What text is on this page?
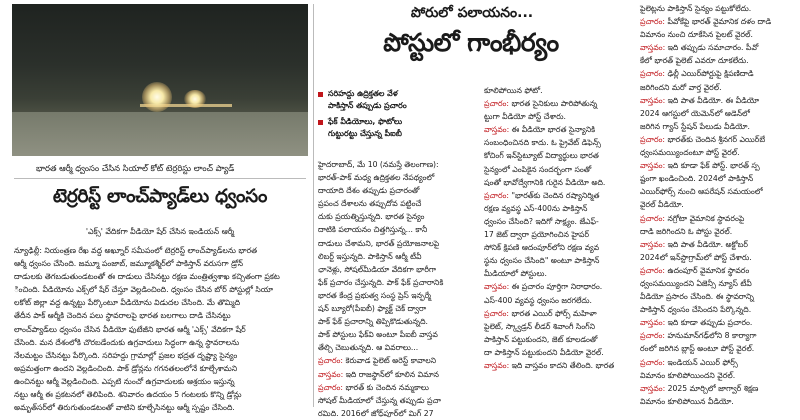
భారత ఆర్మీ ధ్వంసం చేసిన సియాల్ కోట్ టెర్రరిస్టు లాంచ్ ప్యాడ్
టెర్రరిస్ట్ లాంచ్‌ప్యాడ్‌లు ధ్వంసం
'ఎక్స్' వేదికగా వీడియో షేర్ చేసిన ఇండియన్ ఆర్మీ

న్యూఢిల్లీ: నియంత్రణ రేఖ వద్ద అఖ్నూర్ సమీపంలో టెర్రరిస్ట్ లాంచ్‌ప్యాడ్‌లను భారత

ఆర్మీ ధ్వంసం చేసింది. జమ్మూ పంజాబ్, జమ్మూకశ్మీర్‌లో పాకిస్తాన్ వరుసగా డ్రోన్

దాడులకు తెగబడుతుండటంతో ఈ దాడులు చేసినట్టు రక్షణ మంత్రిత్వశాఖ కచ్చితంగా ప్రకట

ించింది. వీడియోను ఎక్స్‌లో షేర్ చేస్తూ వెల్లడించింది. ధ్వంసం చేసిన బోర్ పోస్టుల్లో సియా

లకోట్ జిల్లా వద్ద ఉన్నట్టు పేర్కొంటూ వీడియోను విడుదల చేసింది. మే తొమ్మిది

తేదీన పాక్ ఆర్మీకి చెందిన పలు స్థావరాలపై భారత బలగాలు దాడి చేసినట్టు

లాంచ్‌ప్యాడ్‌లు ధ్వంసం చేసిన వీడియో ఫుటేజీని భారత ఆర్మీ 'ఎక్స్' వేదికగా షేర్

చేసింది. మన దేశంలోకి చొరబడేందుకు ఉగ్రవాదులు సిద్ధంగా ఉన్న స్థావరాలను

నేలమట్టం చేసినట్టు పేర్కొంది. సరిహద్దు గ్రామాల్లో ప్రజల భద్రత దృష్ట్యా సైన్యం

అప్రమత్తంగా ఉందని వెల్లడించింది. పాక్ డ్రోన్లను గగనతలంలోనే కూల్చేశామని

ఉంచినట్టు ఆర్మీ వెల్లడించింది. ఎప్పటి నుంచో ఉగ్రవాదులకు ఆశ్రయం ఇస్తున్న

నట్టు ఆర్మీ ఈ ప్రకటనలో తెలిపింది. శనివారం ఉదయం 5 గంటలకు కొన్ని డ్రోన్లు

అమృత్‌సర్‌లో తిరుగుతుండటంతో వాటిని కూల్చేసినట్టు ఆర్మీ స్పష్టం చేసింది.

పోరులో పలాయనం...
పోస్టులో గాంభీర్యం
సరిహద్దు ఉద్రిక్తతల వేళ
పాకిస్తాన్ తప్పుడు ప్రచారం
ఫేక్ వీడియోలు, ఫొటోలు
గుట్టురట్టు చేస్తున్న పీఐబీ

హైదరాబాద్, మే 10 (నమస్తే తెలంగాణ):

భారత్-పాక్ మధ్య ఉద్రిక్తతల నేపథ్యంలో

దాయాది దేశం తప్పుడు ప్రచారంతో

ప్రపంచ దేశాలను తప్పుదోవ పట్టించే

దుకు ప్రయత్నిస్తున్నది. భారత సైన్యం

దాటికి పలాయనం చిత్తగిస్తున్న... కానీ

దాడులు చేశామని, భారత్ ప్రయోజనాలపై

లిబర్ట్ ఇస్తున్నది. పాకిస్తాన్ ఆర్మీ టీవీ

ఛానెళ్లు, సోషల్‌మీడియా వేదికగా భారీగా

ఫేక్ ప్రచారం చేస్తున్నది. పాక్ ఫేక్ ప్రచారానికి

భారత కేంద్ర ప్రభుత్వ సంస్థ ప్రెస్ ఇన్ఫర్మే

షన్ బ్యూరో(పీఐబీ) ఫ్యాక్ట్ చెక్ ద్వారా

పాక్ ఫేక్ ప్రచారాన్ని తిప్పికొడుతున్నది.

పాక్ పోస్టులు ఫేక్‌వి అంటూ పీఐబీ వాస్తవ

తేల్చి చెబుతున్నది. ఆ వివరాలు...

ప్రచారం: కెరువాడ పైలెట్ అరెస్ట్ కావాలని

వాస్తవం: ఇది రాజస్థాన్‌లో కూలిన విమాన

ప్రచారం: భారత్ కు చెందిన నమ్మకాలు

సోషల్ మీడియాలో చేస్తున్న తప్పుడు ప్రచా

రమిది. 2016లో జోధ్‌పూర్‌లో మిగ్ 27

కూలిపోయిన ఫోటో.

ప్రచారం: భారత సైనికులు పారిపోతున్న

ట్టుగా వీడియో పోస్ట్ చేశారు.

వాస్తవం: ఈ వీడియో భారత సైన్యానికి

సంబంధించినది కాదు. ఓ ప్రైవేట్ డిఫెన్స్

కోచింగ్ ఇన్‌స్టిట్యూట్ విద్యార్థులు భారత

సైన్యంలో ఎంపికైన సందర్భంగా సంతో

షంతో భావోద్వేగానికి గురైన వీడియో అది.

ప్రచారం: "భారత్‌కు చెందిన రష్యానిర్మిత

రక్షణ వ్యవస్థ ఎస్-400ను పాకిస్తాన్

ధ్వంసం చేసింది? ఇదిగో సాక్ష్యం. జేఎఫ్-

17 జెట్ ద్వారా ప్రయోగించిన హైపర్

సోనిక్ క్షిపణి ఆదంపూర్‌లోని రక్షణ వ్యవ

స్థను ధ్వంసం చేసింది" అంటూ పాకిస్తాన్

మీడియాలో పోస్టులు.

వాస్తవం: ఈ ప్రచారం పూర్తిగా నిరాధారం.

ఎస్-400 వ్యవస్థ ధ్వంసం జరగలేదు.

ప్రచారం: భారత ఎయిర్ ఫోర్స్ మహిళా

పైలెట్, స్క్వాడ్రన్ లీడర్ శివాంగీ సింగ్‌ని

పాకిస్తాన్ పట్టుకుందని, జెట్ కూలడంతో

దా పాకిస్తాన్ పట్టుకుందని వీడియో వైరల్.

వాస్తవం: ఇది వాస్తవం కాదని తేలింది. భారత

పైలెట్లను పాకిస్తాన్ సైన్యం పట్టుకోలేదు.

ప్రచారం: పీవోకేపై భారత్ వైమానిక దళం దాడి

విమానం నుంచి దూకేసిన పైలట్ వైరల్.

వాస్తవం: ఇది తప్పుడు సమాచారం. పీవో

కేలో భారత్ పైలెట్ ఎవరూ దూకలేదు.

ప్రచారం: ఢిల్లీ ఎయిర్‌పోర్టుపై క్షిపణిదాడి

జరిగిందని మరో వార్త వైరల్.

వాస్తవం: ఇది పాత వీడియో. ఈ వీడియో

2024 ఆగస్టులో యెమెన్‌లో ఆడెన్‌లో

జరిగిన గ్యాస్ స్టేషన్ పేలుడు వీడియో.

ప్రచారం: భారత్‌కు చెందిన శ్రీనగర్ ఎయిర్‌బే

ధ్వంసమయ్యిందంటూ పోస్ట్ వైరల్.

వాస్తవం: ఇది కూడా ఫేక్ పోస్ట్. భారత్ స్ప

ష్టంగా ఖండించింది. 2024లో పాకిస్తాన్

ఎయిర్‌ఫోర్స్ నుంచి ఆపరేషన్ సమయంలో

వైరల్ వీడియో.

ప్రచారం: నగ్రోటా వైమానిక స్థావరంపై

దాడి జరిగిందని ఓ పోస్టు వైరల్.

వాస్తవం: ఇది పాత వీడియో. అక్టోబర్

2024లో ఇన్‌స్టాగ్రామ్‌లో పోస్ట్ చేశారు.

ప్రచారం: ఉదంపూర్ వైమానిక స్థావరం

ధ్వంసమయ్యిందని ఏజెన్సీ న్యూస్ టీవీ

వీడియో ప్రసారం చేసింది. ఈ స్థావరాన్ని

పాకిస్తాన్ ధ్వంసం చేసిందని పేర్కొన్నది.

వాస్తవం: ఇది కూడా తప్పుడు ప్రచారం.

ప్రచారం: హనుమాన్‌గఢ్‌లోని 8 కార్యాగా

రంలో జరిగిన బ్లాస్ట్ అంటూ పోస్ట్ వైరల్.

ప్రచారం: ఇండియన్ ఎయిర్ ఫోర్స్

విమానం కూలిపోయిందని వైరల్.

వాస్తవం: 2025 మార్చిలో జాగ్వార్ శిక్షణ

విమానం కూలిపోయిన వీడియో.
